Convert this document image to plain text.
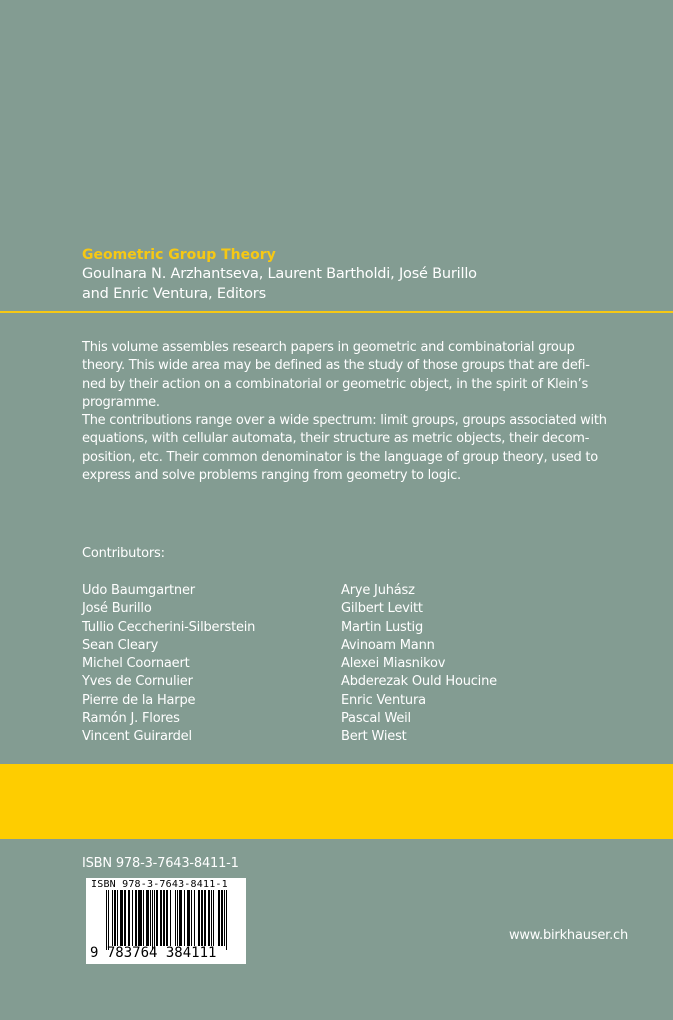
Geometric Group Theory
Goulnara N. Arzhantseva, Laurent Bartholdi, José Burillo
and Enric Ventura, Editors
This volume assembles research papers in geometric and combinatorial group
theory. This wide area may be defined as the study of those groups that are defi-
ned by their action on a combinatorial or geometric object, in the spirit of Klein’s
programme.
The contributions range over a wide spectrum: limit groups, groups associated with
equations, with cellular automata, their structure as metric objects, their decom-
position, etc. Their common denominator is the language of group theory, used to
express and solve problems ranging from geometry to logic.
Contributors:
Udo Baumgartner
José Burillo
Tullio Ceccherini-Silberstein
Sean Cleary
Michel Coornaert
Yves de Cornulier
Pierre de la Harpe
Ramón J. Flores
Vincent Guirardel
Arye Juhász
Gilbert Levitt
Martin Lustig
Avinoam Mann
Alexei Miasnikov
Abderezak Ould Houcine
Enric Ventura
Pascal Weil
Bert Wiest
ISBN 978-3-7643-8411-1
ISBN 978-3-7643-8411-1
9 783764 384111
www.birkhauser.ch
